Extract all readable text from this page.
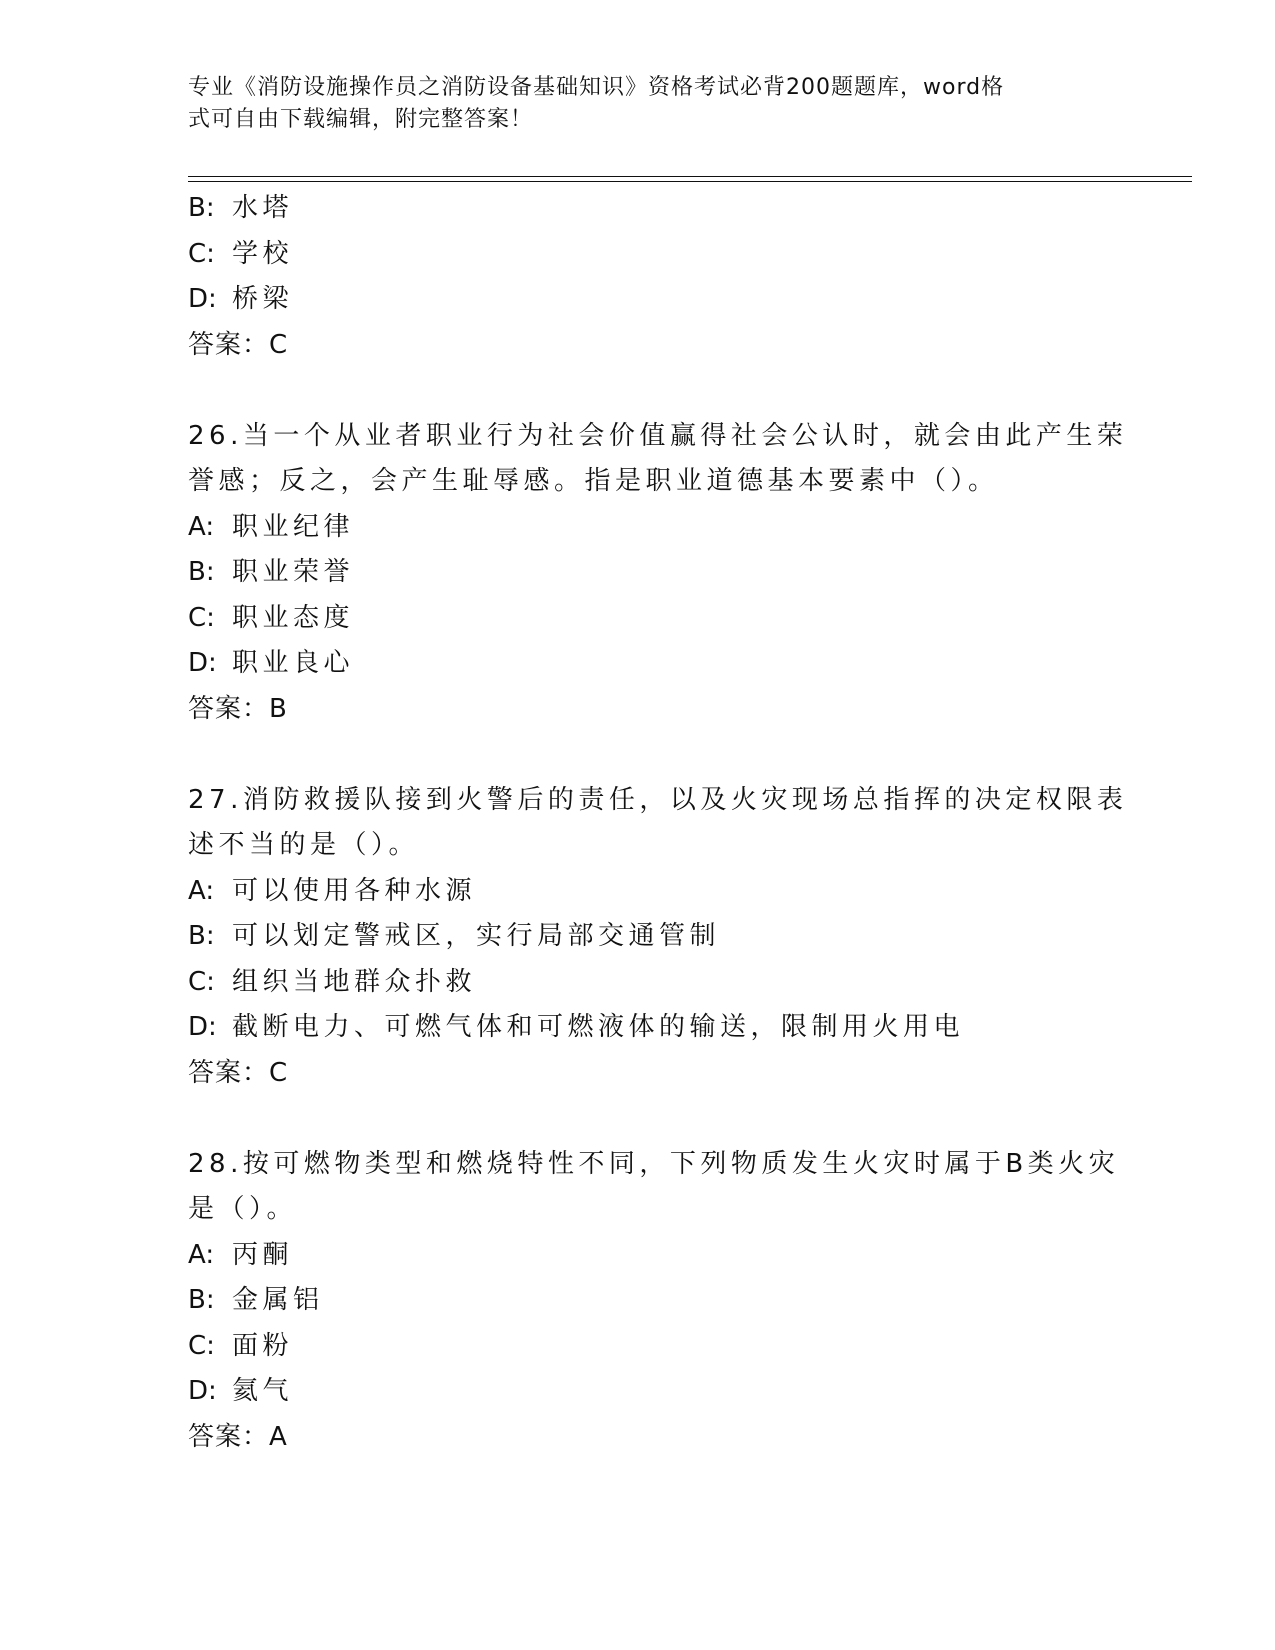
专业《消防设施操作员之消防设备基础知识》资格考试必背200题题库，word格
式可自由下载编辑，附完整答案！
B: 水塔
C: 学校
D: 桥梁
答案：C
26.当一个从业者职业行为社会价值赢得社会公认时，就会由此产生荣
誉感；反之，会产生耻辱感。指是职业道德基本要素中（）。
A: 职业纪律
B: 职业荣誉
C: 职业态度
D: 职业良心
答案：B
27.消防救援队接到火警后的责任，以及火灾现场总指挥的决定权限表
述不当的是（）。
A: 可以使用各种水源
B: 可以划定警戒区，实行局部交通管制
C: 组织当地群众扑救
D: 截断电力、可燃气体和可燃液体的输送，限制用火用电
答案：C
28.按可燃物类型和燃烧特性不同，下列物质发生火灾时属于B类火灾
是（）。
A: 丙酮
B: 金属铝
C: 面粉
D: 氦气
答案：A
